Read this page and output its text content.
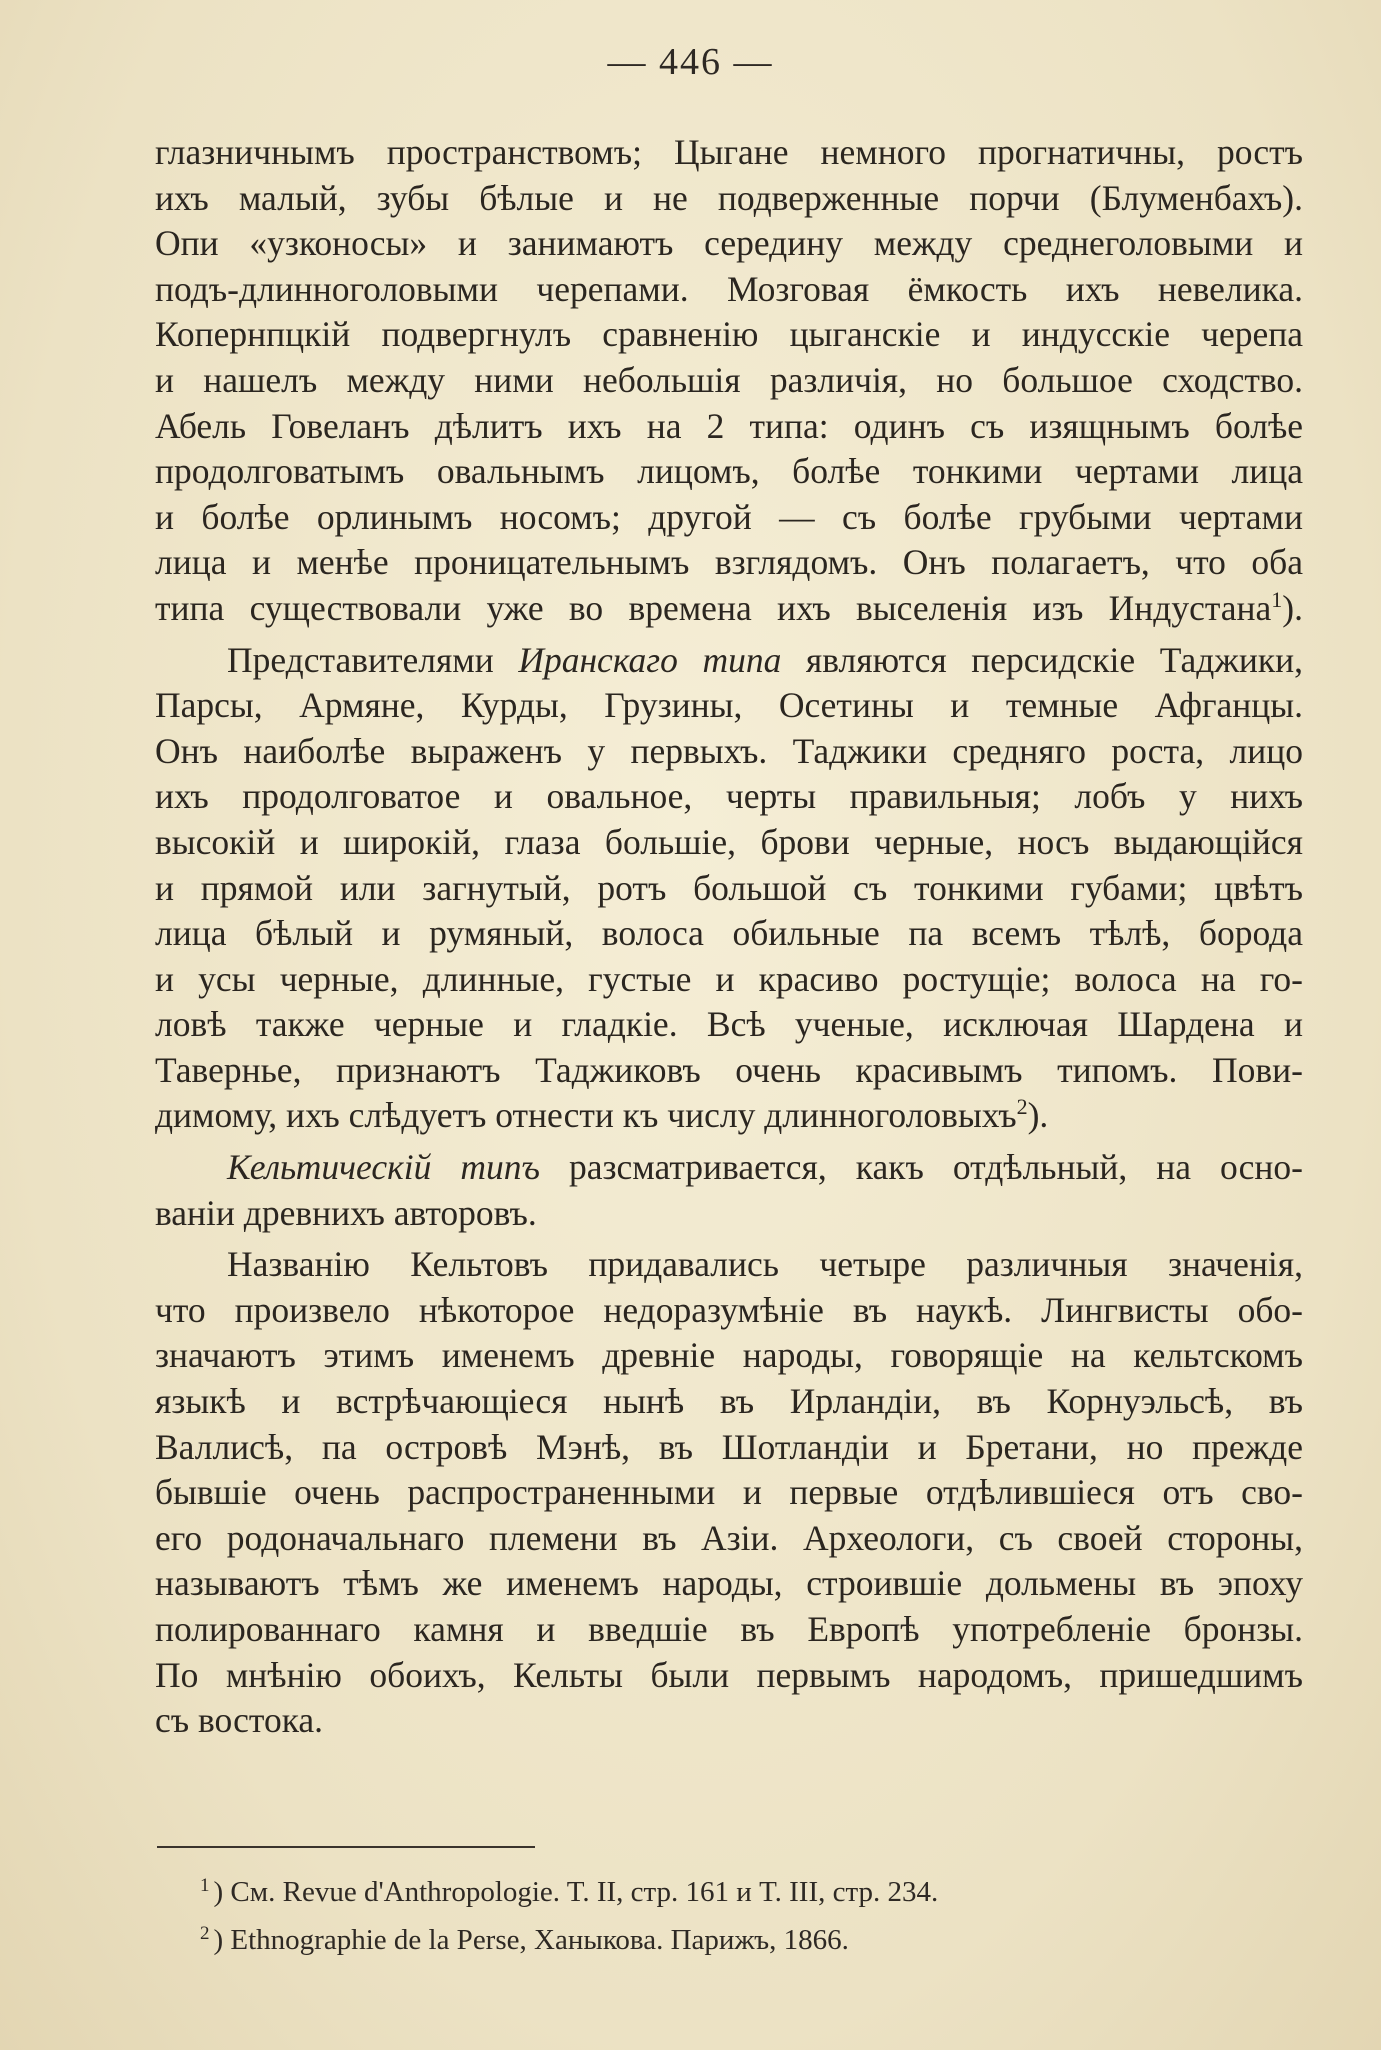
— 446 —
глазничнымъ пространствомъ; Цыгане немного прогнатичны, ростъ
ихъ малый, зубы бѣлые и не подверженные порчи (Блуменбахъ).
Опи «узконосы» и занимаютъ середину между среднеголовыми и
подъ-длинноголовыми черепами. Мозговая ёмкость ихъ невелика.
Копернпцкій подвергнулъ сравненію цыганскіе и индусскіе черепа
и нашелъ между ними небольшія различія, но большое сходство.
Абель Говеланъ дѣлитъ ихъ на 2 типа: одинъ съ изящнымъ болѣе
продолговатымъ овальнымъ лицомъ, болѣе тонкими чертами лица
и болѣе орлинымъ носомъ; другой — съ болѣе грубыми чертами
лица и менѣе проницательнымъ взглядомъ. Онъ полагаетъ, что оба
типа существовали уже во времена ихъ выселенія изъ Индустана$^1$).
Представителями Иранскаго типа являются персидскіе Таджики,
Парсы, Армяне, Курды, Грузины, Осетины и темные Афганцы.
Онъ наиболѣе выраженъ у первыхъ. Таджики средняго роста, лицо
ихъ продолговатое и овальное, черты правильныя; лобъ у нихъ
высокій и широкій, глаза большіе, брови черные, носъ выдающійся
и прямой или загнутый, ротъ большой съ тонкими губами; цвѣтъ
лица бѣлый и румяный, волоса обильные па всемъ тѣлѣ, борода
и усы черные, длинные, густые и красиво ростущіе; волоса на го-
ловѣ также черные и гладкіе. Всѣ ученые, исключая Шардена и
Тавернье, признаютъ Таджиковъ очень красивымъ типомъ. Пови-
димому, ихъ слѣдуетъ отнести къ числу длинноголовыхъ$^2$).
Кельтическій типъ разсматривается, какъ отдѣльный, на осно-
ваніи древнихъ авторовъ.
Названію Кельтовъ придавались четыре различныя значенія,
что произвело нѣкоторое недоразумѣніе въ наукѣ. Лингвисты обо-
значаютъ этимъ именемъ древніе народы, говорящіе на кельтскомъ
языкѣ и встрѣчающіеся нынѣ въ Ирландіи, въ Корнуэльсѣ, въ
Валлисѣ, па островѣ Мэнѣ, въ Шотландіи и Бретани, но прежде
бывшіе очень распространенными и первые отдѣлившіеся отъ сво-
его родоначальнаго племени въ Азіи. Археологи, съ своей стороны,
называютъ тѣмъ же именемъ народы, строившіе дольмены въ эпоху
полированнаго камня и введшіе въ Европѣ употребленіе бронзы.
По мнѣнію обоихъ, Кельты были первымъ народомъ, пришедшимъ
съ востока.
$^1$ ) См. Revue d'Anthropologie. T. II, стр. 161 и T. III, стр. 234.
$^2$ ) Ethnographie de la Perse, Ханыкова. Парижъ, 1866.
